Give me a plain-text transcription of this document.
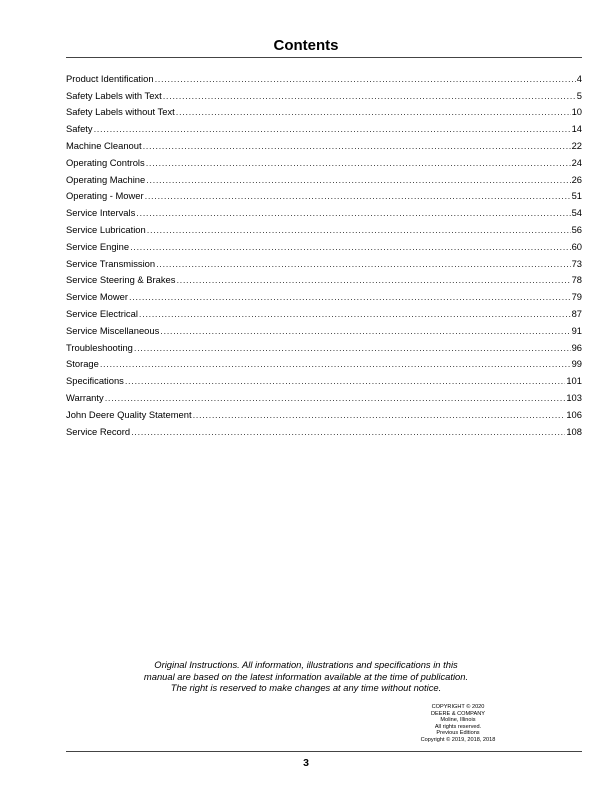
Contents
Product Identification .....	4
Safety Labels with Text .....	5
Safety Labels without Text .....	10
Safety .....	14
Machine Cleanout .....	22
Operating Controls .....	24
Operating Machine .....	26
Operating - Mower .....	51
Service Intervals .....	54
Service Lubrication .....	56
Service Engine .....	60
Service Transmission .....	73
Service Steering & Brakes .....	78
Service Mower .....	79
Service Electrical .....	87
Service Miscellaneous .....	91
Troubleshooting .....	96
Storage .....	99
Specifications .....	101
Warranty .....	103
John Deere Quality Statement .....	106
Service Record .....	108
Original Instructions. All information, illustrations and specifications in this
manual are based on the latest information available at the time of publication.
The right is reserved to make changes at any time without notice.
COPYRIGHT © 2020
DEERE & COMPANY
Moline, Illinois
All rights reserved.
Previous Editions
Copyright © 2019, 2018, 2018
3
